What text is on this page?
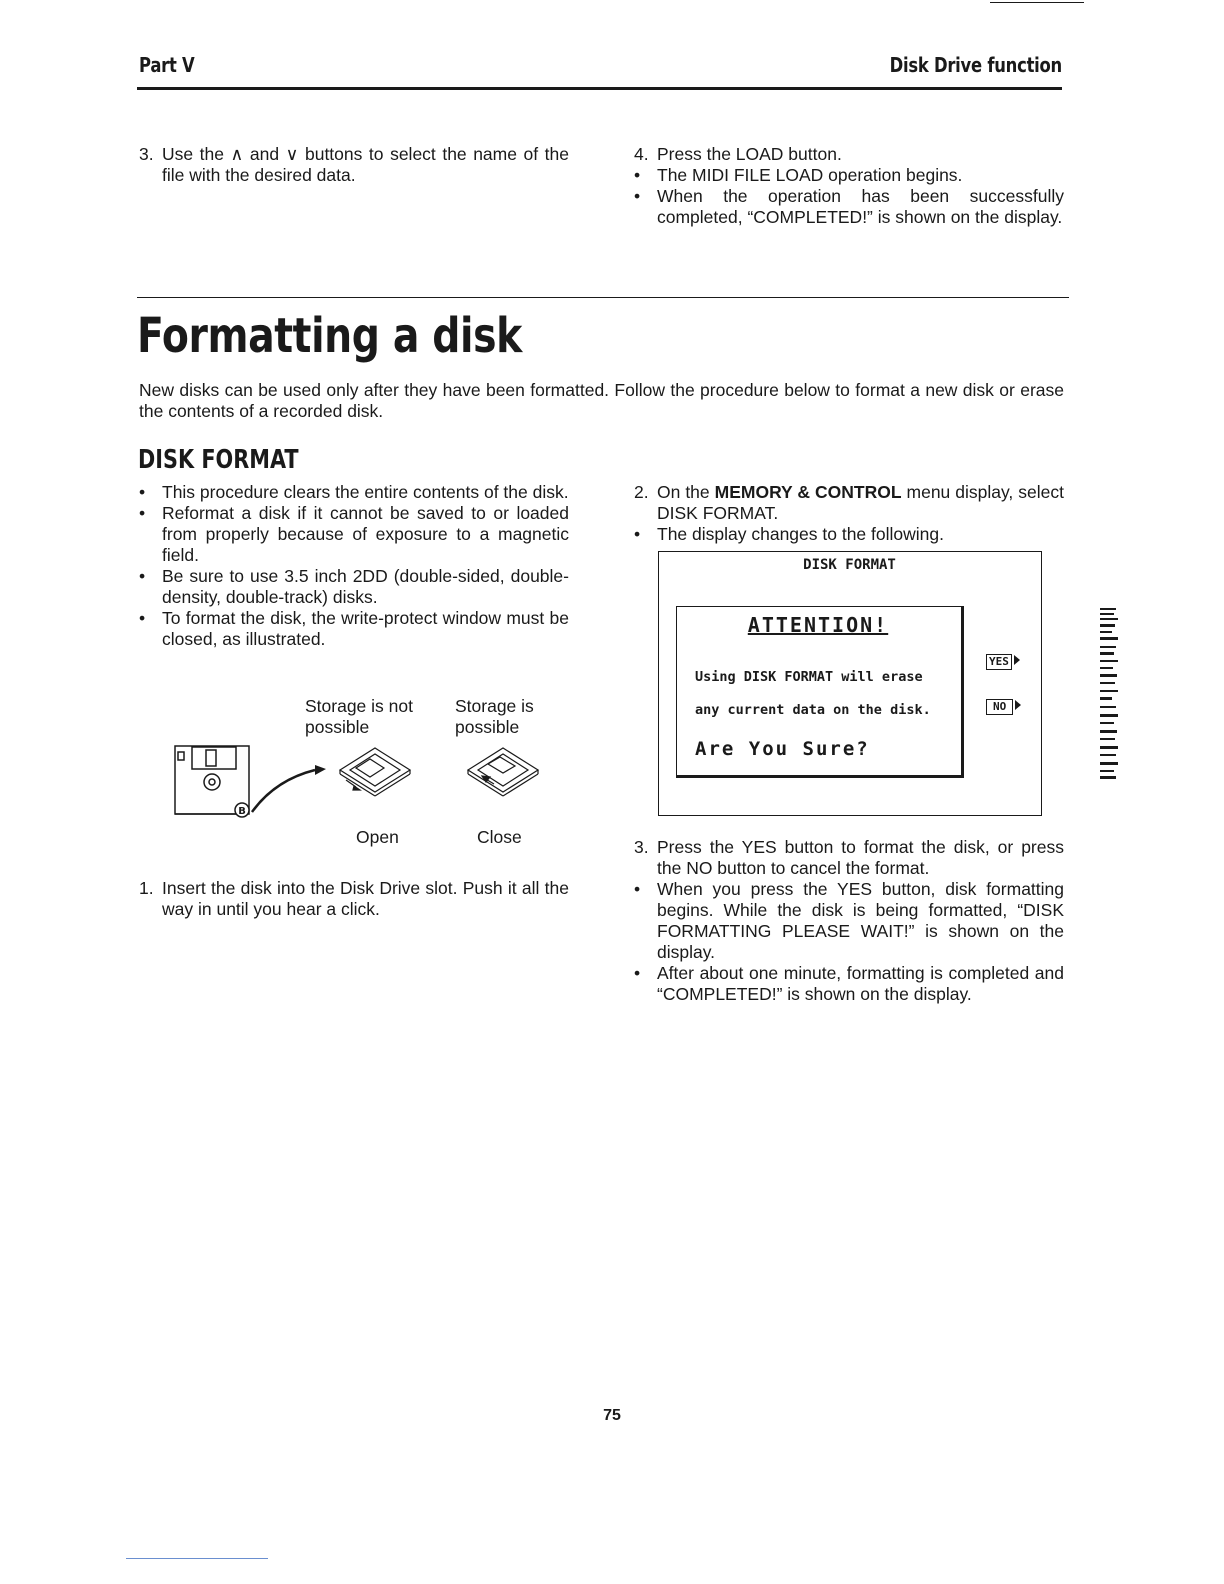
Part V	Disk Drive function
3. Use the ∧ and ∨ buttons to select the name of the file with the desired data.
4. Press the LOAD button.
• The MIDI FILE LOAD operation begins.
• When the operation has been successfully completed, “COMPLETED!” is shown on the display.
Formatting a disk
New disks can be used only after they have been formatted. Follow the procedure below to format a new disk or erase the contents of a recorded disk.
DISK FORMAT
• This procedure clears the entire contents of the disk.
• Reformat a disk if it cannot be saved to or loaded from properly because of exposure to a magnetic field.
• Be sure to use 3.5 inch 2DD (double-sided, double-density, double-track) disks.
• To format the disk, the write-protect window must be closed, as illustrated.
Storage is not possible
Storage is possible
Open	Close
B
1. Insert the disk into the Disk Drive slot. Push it all the way in until you hear a click.
2. On the MEMORY & CONTROL menu display, select DISK FORMAT.
• The display changes to the following.
DISK FORMAT
ATTENTION!
Using DISK FORMAT will erase
any current data on the disk.
Are You Sure?
YES
NO
3. Press the YES button to format the disk, or press the NO button to cancel the format.
• When you press the YES button, disk formatting begins. While the disk is being formatted, “DISK FORMATTING PLEASE WAIT!” is shown on the display.
• After about one minute, formatting is completed and “COMPLETED!” is shown on the display.
75
